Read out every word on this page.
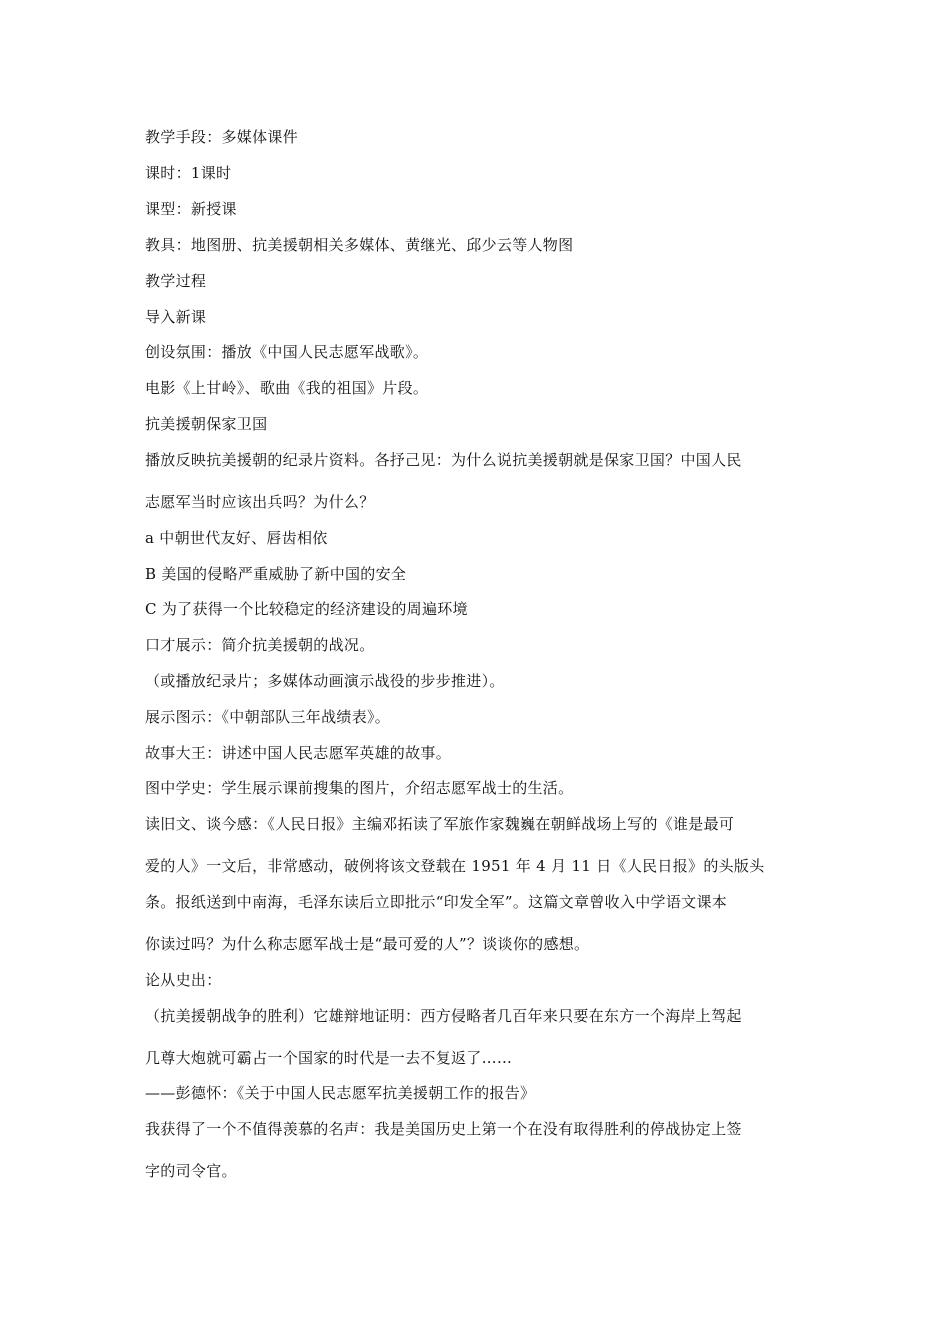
教学手段：多媒体课件
课时：1课时
课型：新授课
教具：地图册、抗美援朝相关多媒体、黄继光、邱少云等人物图
教学过程
导入新课
创设氛围：播放《中国人民志愿军战歌》。
电影《上甘岭》、歌曲《我的祖国》片段。
抗美援朝保家卫国
播放反映抗美援朝的纪录片资料。各抒己见：为什么说抗美援朝就是保家卫国？中国人民
志愿军当时应该出兵吗？为什么？
a 中朝世代友好、唇齿相依
B 美国的侵略严重威胁了新中国的安全
C 为了获得一个比较稳定的经济建设的周遍环境
口才展示：简介抗美援朝的战况。
（或播放纪录片；多媒体动画演示战役的步步推进）。
展示图示：《中朝部队三年战绩表》。
故事大王：讲述中国人民志愿军英雄的故事。
图中学史：学生展示课前搜集的图片，介绍志愿军战士的生活。
读旧文、谈今感：《人民日报》主编邓拓读了军旅作家魏巍在朝鲜战场上写的《谁是最可
爱的人》一文后，非常感动，破例将该文登载在 1951 年 4 月 11 日《人民日报》的头版头
条。报纸送到中南海，毛泽东读后立即批示“印发全军”。这篇文章曾收入中学语文课本
你读过吗？为什么称志愿军战士是“最可爱的人”？谈谈你的感想。
论从史出：
（抗美援朝战争的胜利）它雄辩地证明：西方侵略者几百年来只要在东方一个海岸上驾起
几尊大炮就可霸占一个国家的时代是一去不复返了……
——彭德怀：《关于中国人民志愿军抗美援朝工作的报告》
我获得了一个不值得羡慕的名声：我是美国历史上第一个在没有取得胜利的停战协定上签
字的司令官。
